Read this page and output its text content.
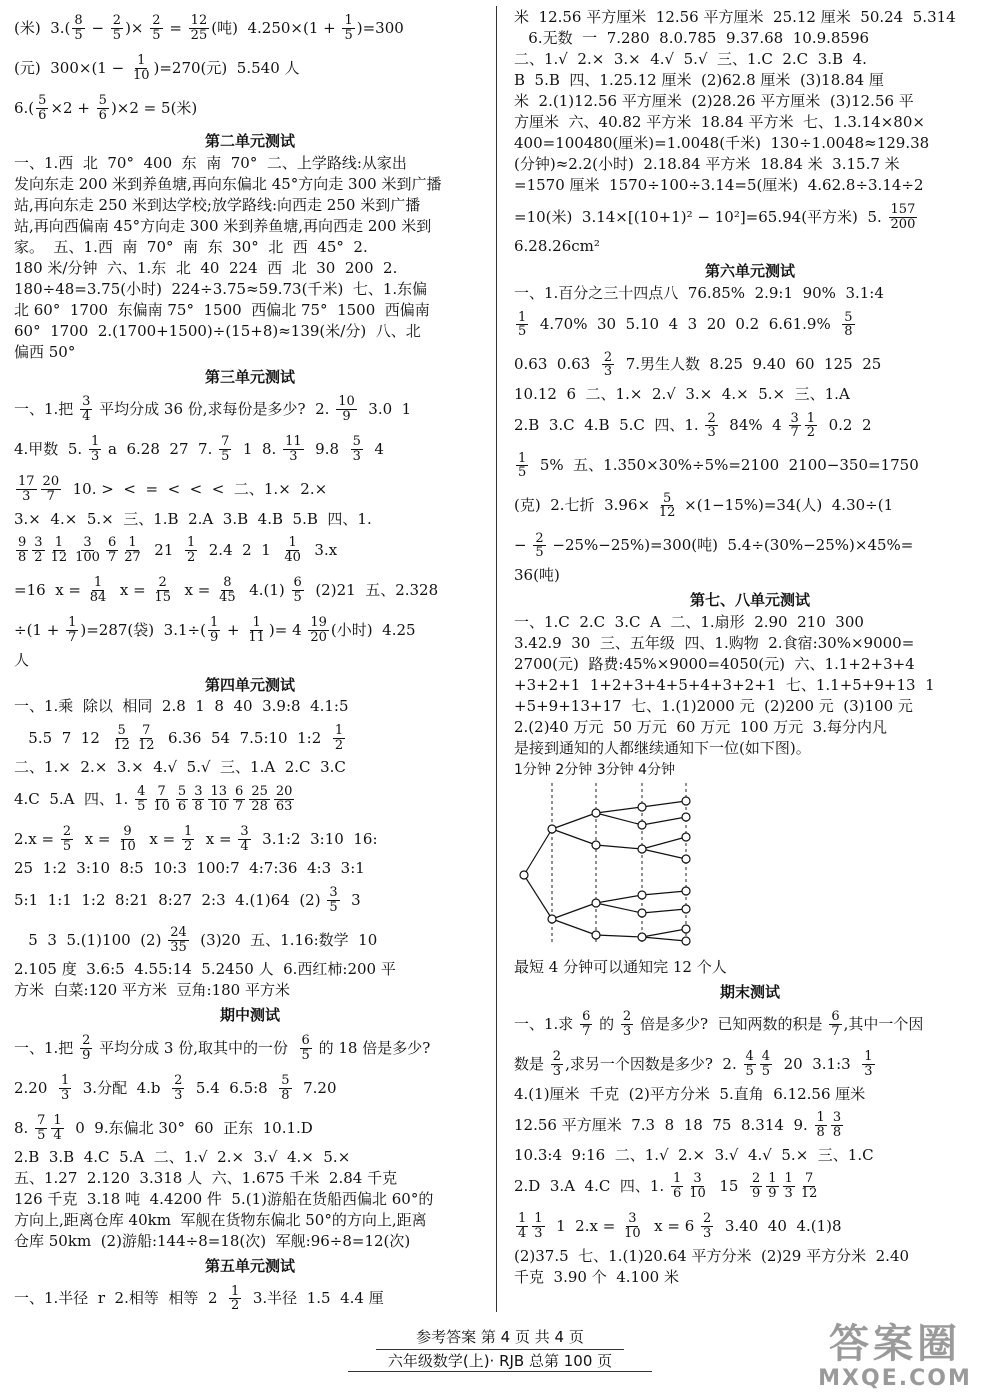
(米)  $3.( \frac{8}{5} - \frac{2}{5}$ )× $\frac{2}{5} = \frac{12}{25}$ (吨)  $4.250\times(1 + \frac{1}{5} )=300$
(元)  $300\times(1 - \frac{1}{10} )=270$(元)  5.540 人
$6.( \frac{5}{6} \times 2 + \frac{5}{6} )\times 2 = 5$(米)
第二单元测试
一、1.西  北  70°  400  东  南  70°  二、上学路线:从家出
发向东走 200 米到养鱼塘,再向东偏北 45°方向走 300 米到广播
站,再向东走 250 米到达学校;放学路线:向西走 250 米到广播
站,再向西偏南 45°方向走 300 米到养鱼塘,再向西走 200 米到
家。  五、1.西  南  70°  南  东  30°  北  西  45°  2.
180 米/分钟  六、1.东  北  40  224  西  北  30  200  2.
180÷48=3.75(小时)  224÷3.75≈59.73(千米)  七、1.东偏
北 60°  1700  东偏南 75°  1500  西偏北 75°  1500  西偏南
60°  1700  2.(1700+1500)÷(15+8)≈139(米/分)  八、北
偏西 50°
第三单元测试
一、1.把 $\frac{3}{4}$ 平均分成 36 份,求每份是多少?  2. $\frac{10}{9} 3.0$  1
4.甲数  5. $\frac{1}{3}$ a  6.28  27  7. $\frac{7}{5} 1$  8. $\frac{11}{3} 9.8 \frac{5}{3} 4$
$\frac{17}{3} \frac{20}{7} 10$. >  <  =  <  <  <  二、1.×  2.×
3.×  4.×  5.×  三、1.B  2.A  3.B  4.B  5.B  四、1.
$\frac{9}{8} \frac{3}{2} \frac{1}{12} \frac{3}{100} \frac{6}{7} \frac{1}{27} 21 \frac{1}{2} 2.4$  2  $1 \frac{1}{40} 3.x$
=16  $x = \frac{1}{84}$ $x = \frac{2}{15}$ $x = \frac{8}{45} 4.(1) \frac{6}{5} (2)21$  五、2.328
$\div(1 + \frac{1}{7} )=287$(袋)  $3.1\div( \frac{1}{9} + \frac{1}{11}$ )= $4 \frac{19}{20}$ (小时)  4.25
人
第四单元测试
一、1.乘  除以  相同  2.8  1  8  40  3.9:8  4.1:5
5.5  7  $12 \frac{5}{12} \frac{7}{12} 6.36$  54  7.5:10  1:2 $\frac{1}{2}$
二、1.×  2.×  3.×  4.√  5.√  三、1.A  2.C  3.C
4.C  5.A  四、1. $\frac{4}{5} \frac{7}{10} \frac{5}{6} \frac{3}{8} \frac{13}{10} \frac{6}{7} \frac{25}{28} \frac{20}{63}$
$2.x = \frac{2}{5}$ $x = \frac{9}{10}$ $x = \frac{1}{2}$ $x = \frac{3}{4}$ 3.1:2  3:10  16:
25  1:2  3:10  8:5  10:3  100:7  4:7:36  4:3  3:1
5:1  1:1  1:2  8:21  8:27  2:3  4.(1)64  $(2) \frac{3}{5} 3$
5  3  5.(1)100  $(2) \frac{24}{35} (3)20$  五、1.16:数学  10
2.105 度  3.6:5  4.55:14  5.2450 人  6.西红柿:200 平
方米  白菜:120 平方米  豆角:180 平方米
期中测试
一、1.把 $\frac{2}{9}$ 平均分成 3 份,取其中的一份 $\frac{6}{5}$ 的 18 倍是多少?
$2.20 \frac{1}{3} 3$.分配  $4.b \frac{2}{3} 5.4$  6.5:8 $\frac{5}{8} 7.20$
8. $\frac{7}{5} \frac{1}{4} 0$  9.东偏北 30°  60  正东  10.1.D
2.B  3.B  4.C  5.A  二、1.√  2.×  3.√  4.×  5.×
五、1.27  2.120  3.318 人  六、1.675 千米  2.84 千克
126 千克  3.18 吨  4.4200 件  5.(1)游船在货船西偏北 60°的
方向上,距离仓库 40km  军舰在货物东偏北 50°的方向上,距离
仓库 50km  (2)游船:144÷8=18(次)  军舰:96÷8=12(次)
第五单元测试
一、1.半径  r  2.相等  相等  $2 \frac{1}{2} 3$.半径  1.5  4.4 厘
米  12.56 平方厘米  12.56 平方厘米  25.12 厘米  50.24  5.314
6.无数  一  7.280  8.0.785  9.37.68  10.9.8596
二、1.√  2.×  3.×  4.√  5.√  三、1.C  2.C  3.B  4.
B  5.B  四、1.25.12 厘米  (2)62.8 厘米  (3)18.84 厘
米  2.(1)12.56 平方厘米  (2)28.26 平方厘米  (3)12.56 平
方厘米  六、40.82 平方米  18.84 平方米  七、1.3.14×80×
400=100480(厘米)=1.0048(千米)  130÷1.0048≈129.38
(分钟)≈2.2(小时)  2.18.84 平方米  18.84 米  3.15.7 米
=1570 厘米  1570÷100÷3.14=5(厘米)  4.62.8÷3.14÷2
=10(米)  3.14×[(10+1)² − 10²]=65.94(平方米)  5. $\frac{157}{200}$
6.28.26cm²
第六单元测试
一、1.百分之三十四点八  76.85%  2.9:1  90%  3.1:4
$\frac{1}{5} 4.70\%$  30  5.10  4  3  20  0.2  $6.61.9\% \frac{5}{8}$
0.63  0.63̇ $\frac{2}{3} 7$.男生人数  8.25  9.40  60  125  25
10.12  6  二、1.×  2.√  3.×  4.×  5.×  三、1.A
2.B  3.C  4.B  5.C  四、1. $\frac{2}{3} 84\%$  $4 \frac{3}{7} \frac{1}{2} 0.2$  2
$\frac{1}{5} 5\%$  五、1.350×30%÷5%=2100  2100−350=1750
(克)  2.七折  $3.96\times \frac{5}{12} \times(1-15\%)=34$(人)  4.30÷(1
− $\frac{2}{5} -25\%-25\%)=300$(吨)  5.4÷(30%−25%)×45%=
36(吨)
第七、八单元测试
一、1.C  2.C  3.C  A  二、1.扇形  2.90  210  300
3.42.9  30  三、五年级  四、1.购物  2.食宿:30%×9000=
2700(元)  路费:45%×9000=4050(元)  六、1.1+2+3+4
+3+2+1  1+2+3+4+5+4+3+2+1  七、1.1+5+9+13  1
+5+9+13+17  七、1.(1)2000 元  (2)200 元  (3)100 元
2.(2)40 万元  50 万元  60 万元  100 万元  3.每分内凡
是接到通知的人都继续通知下一位(如下图)。
1分钟 2分钟 3分钟 4分钟
最短 4 分钟可以通知完 12 个人
期末测试
一、1.求 $\frac{6}{7}$ 的 $\frac{2}{3}$ 倍是多少?  已知两数的积是 $\frac{6}{7}$ ,其中一个因
数是 $\frac{2}{3}$ ,求另一个因数是多少?  2. $\frac{4}{5} \frac{4}{5} 20$  3.1:3 $\frac{1}{3}$
4.(1)厘米  千克  (2)平方分米  5.直角  6.12.56 厘米
12.56 平方厘米  7.3  8  18  75  8.314  9. $\frac{1}{8} \frac{3}{8}$
10.3:4  9:16  二、1.√  2.×  3.√  4.√  5.×  三、1.C
2.D  3.A  4.C  四、1. $\frac{1}{6} \frac{3}{10} 15 \frac{2}{9} \frac{1}{9} \frac{1}{3} \frac{7}{12}$
$\frac{1}{4} \frac{1}{3} 1$  $2.x = \frac{3}{10}$ $x = 6 \frac{2}{3} 3.40$  40  4.(1)8
(2)37.5  七、1.(1)20.64 平方分米  (2)29 平方分米  2.40
千克  3.90 个  4.100 米
参考答案 第 4 页 共 4 页
六年级数学(上)· RJB 总第 100 页	答案圈
MXQE.COM
